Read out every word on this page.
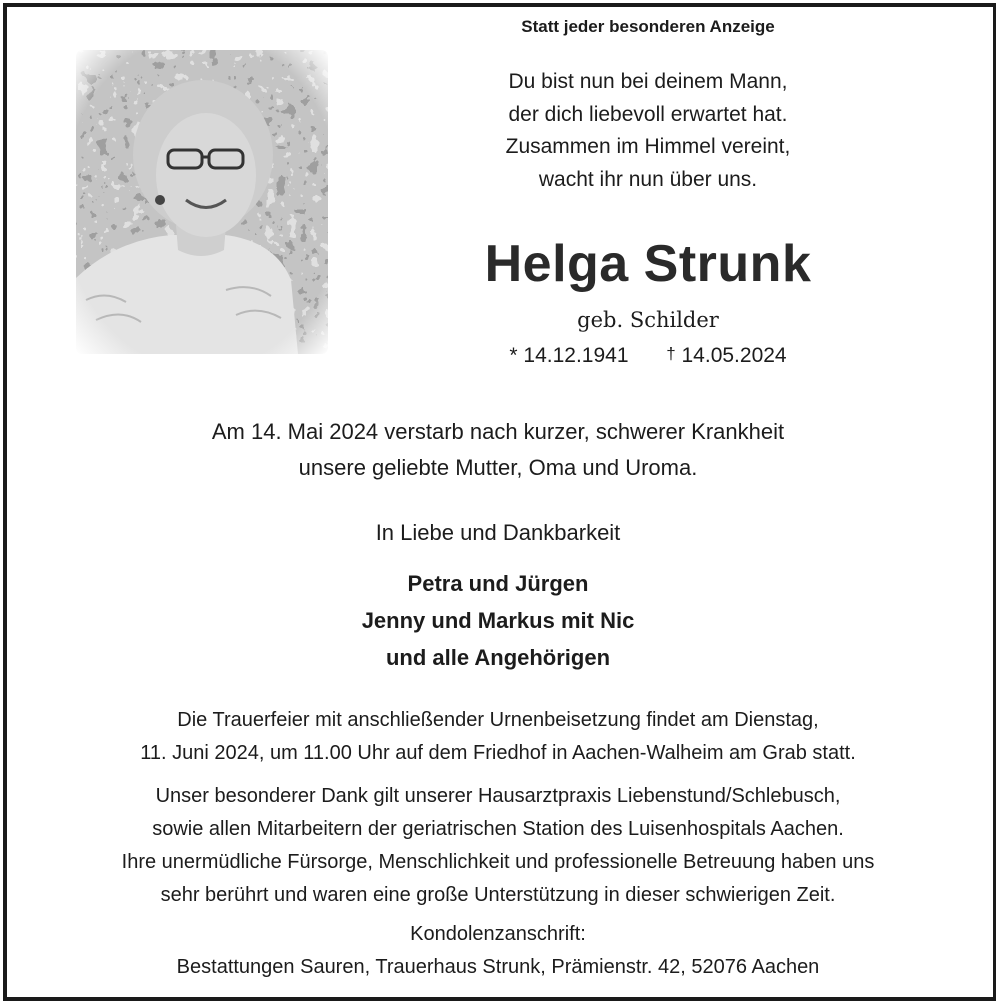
Statt jeder besonderen Anzeige
Du bist nun bei deinem Mann,
der dich liebevoll erwartet hat.
Zusammen im Himmel vereint,
wacht ihr nun über uns.
Helga Strunk
geb. Schilder
* 14.12.1941 † 14.05.2024
Am 14. Mai 2024 verstarb nach kurzer, schwerer Krankheit
unsere geliebte Mutter, Oma und Uroma.
In Liebe und Dankbarkeit
Petra und Jürgen
Jenny und Markus mit Nic
und alle Angehörigen
Die Trauerfeier mit anschließender Urnenbeisetzung findet am Dienstag,
11. Juni 2024, um 11.00 Uhr auf dem Friedhof in Aachen-Walheim am Grab statt.
Unser besonderer Dank gilt unserer Hausarztpraxis Liebenstund/Schlebusch,
sowie allen Mitarbeitern der geriatrischen Station des Luisenhospitals Aachen.
Ihre unermüdliche Fürsorge, Menschlichkeit und professionelle Betreuung haben uns
sehr berührt und waren eine große Unterstützung in dieser schwierigen Zeit.
Kondolenzanschrift:
Bestattungen Sauren, Trauerhaus Strunk, Prämienstr. 42, 52076 Aachen
